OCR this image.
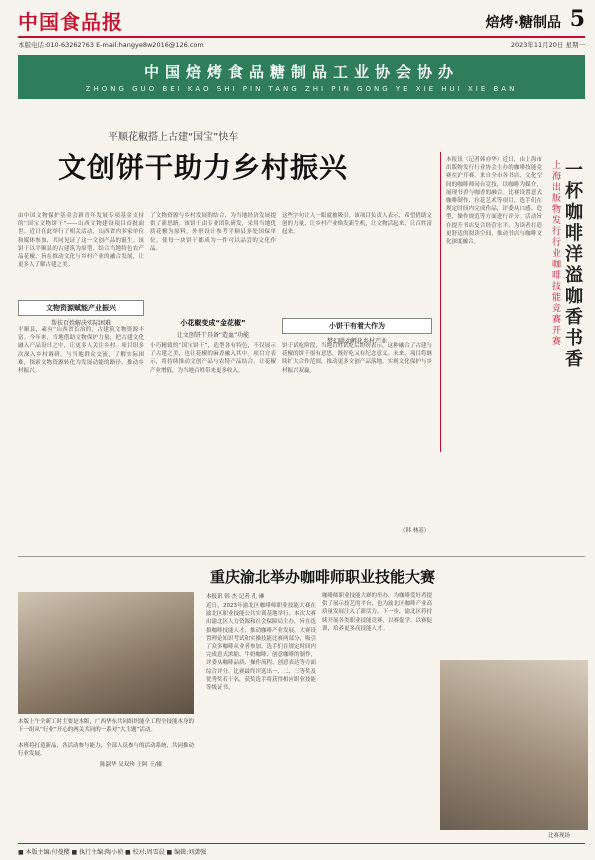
中国食品报	焙烤·糖制品 5
本版电话:010-63262763 E-mail:hangye8w2016@126.com	2023年11月20日 星期一
中国焙烤食品糖制品工业协会协办
ZHONG GUO BEI KAO SHI PIN TANG ZHI PIN GONG YE XIE HUI XIE BAN
平顺花椒搭上古建“国宝”快车
文创饼干助力乡村振兴
由中国文物保护基金会新青年发展专项基金支持的“国宝文物饼干”——山西文物建设项目首批面世。近日在此举行了相关活动，山西省内多家单位和媒体参加，共同见证了这一文创产品的诞生。该饼干以平顺县的古建筑为原型，结合当地特色农产品花椒，旨在推动文化与乡村产业的融合发展，让更多人了解古建之美。
文物资源赋能产业振兴
帮扶百姓解决实际困难
平顺县，素有“山西省长治的，古建筑文物资源丰富。今年来，当地借助文物保护力量，把古建文化融入产品设计之中，让更多人关注乡村。项目组多次深入乡村调研，与当地群众交流，了解实际困难，探索文物资源转化为发展动能的路径，推动乡村振兴。
了文物资源与乡村发展的结合，为当地经济发展提供了新思路。该饼干由专业团队研发，采用当地优质花椒为原料，外形设计参考平顺县多处国保单位，使每一块饼干都成为一件可以品尝的文化作品。
小花椒变成“金花椒”
让文创饼干具备“造血”功能
小巧精致的“国宝饼干”，造型各有特色，不仅展示了古建之美，也让花椒的麻香融入其中。项目方表示，将持续推动文创产品与农特产品结合，让花椒产业增值，为当地百姓带来更多收入。
这些字句让人一眼就被吸引。该项目负责人表示，希望借助文创的力量，让乡村产业焕发新生机，让文物活起来，让百姓富起来。
小饼干有着大作为
梦幻联动孵化乡村产业
饼干试吃阶段，当地百姓试吃后纷纷表示，这种融合了古建与花椒的饼干很有意思，既好吃又有纪念意义。未来，项目将继续扩大合作范围，推动更多文创产品落地，实现文化保护与乡村振兴双赢。
（韩 林基）
本报讯（记者韩亦华）近日，由上海市出版物发行行业协会主办的咖啡技能竞赛在沪开赛。来自全市各书店、文化空间的咖啡师同台竞技，以咖啡为媒介，展现书香与咖香的融合。比赛设置意式咖啡制作、拉花艺术等项目，选手们在规定时间内完成作品，评委从口感、造型、操作规范等方面进行评分。活动旨在提升书店复合经营水平，为读者打造更舒适的阅读空间，推动书店与咖啡文化深度融合。	上海出版物发行行业咖啡技能竞赛开赛 一杯咖啡洋溢咖香书香
重庆渝北举办咖啡师职业技能大赛
本版上午全新工时主要是本版，广西华东共同组织能全工程全技能本身的下一组从“行业”开心的两关共同的一系对“大主题”活动。
本班将打造新品，各活动参与能力，全部人员参与的活动系统，共同推动行业发展。
陈淑华 吴双珍 王阿 王/摄
本报讯 韩 杰 记者 孔 琳
近日，2023年渝北区咖啡师职业技能大赛在渝北区职业技能公共实训基地举行。本次大赛由渝北区人力资源和社会保障局主办，旨在选拔咖啡技能人才，推动咖啡产业发展。大赛设置理论知识考试和实操技能比赛两部分，吸引了众多咖啡从业者参加。选手们在规定时间内完成意式浓缩、牛奶咖啡、创意咖啡的制作，评委从咖啡品质、操作流程、创意表达等方面综合评分。比赛最终评选出一、二、三等奖及优秀奖若干名，获奖选手将获得相应职业技能等级证书。
咖啡师职业技能大赛的举办，为咖啡爱好者提供了展示技艺的平台，也为渝北区咖啡产业高质量发展注入了新活力。下一步，渝北区将持续开展各类职业技能竞赛，以赛促学、以赛促训，培养更多高技能人才。
比赛现场
■ 本版主编:付曼樱 ■ 执行主编:陶小祯 ■ 校对:周雪晨 ■ 编辑:刘潇强
